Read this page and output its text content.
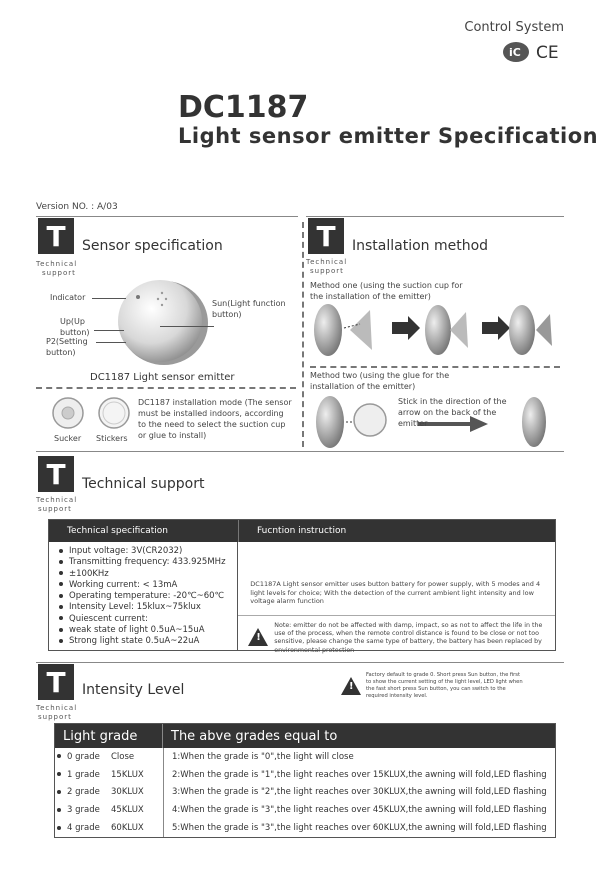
Control System
iC CE
DC1187
Light sensor emitter Specification
Version NO. : A/03
T
Technical
support
Sensor specification
Indicator
Sun(Light function button)
Up(Up button)
P2(Setting button)
DC1187 Light sensor emitter
Sucker Stickers
DC1187 installation mode (The sensor must be installed indoors, according to the need to select the suction cup or glue to install)
T
Technical
support
Installation method
Method one (using the suction cup for the installation of the emitter)
Method two (using the glue for the installation of the emitter)
Stick in the direction of the arrow on the back of the emitter
T
Technical
support
Technical support
Technical specification	Fucntion instruction
Input voltage: 3V(CR2032)
Transmitting frequency: 433.925MHz
±100KHz
Working current: < 13mA
Operating temperature: -20℃~60℃
Intensity Level: 15klux~75klux
Quiescent current:
weak state of light 0.5uA~15uA
Strong light state 0.5uA~22uA
DC1187A Light sensor emitter uses button battery for power supply, with 5 modes and 4 light levels for choice; With the detection of the current ambient light intensity and low voltage alarm function
!
Note: emitter do not be affected with damp, impact, so as not to affect the life in the use of the process, when the remote control distance is found to be close or not too sensitive, please change the same type of battery, the battery has been replaced by environmental protection
T
Technical
support
Intensity Level	!
Factory default to grade 0. Short press Sun button, the first to show the current setting of the light level, LED light when the fast short press Sun button, you can switch to the required intensity level.
Light grade	The abve grades equal to
0 grade	Close	1:When the grade is "0",the light will close
1 grade	15KLUX	2:When the grade is "1",the light reaches over 15KLUX,the awning will fold,LED flashing
2 grade	30KLUX	3:When the grade is "2",the light reaches over 30KLUX,the awning will fold,LED flashing
3 grade	45KLUX	4:When the grade is "3",the light reaches over 45KLUX,the awning will fold,LED flashing
4 grade	60KLUX	5:When the grade is "3",the light reaches over 60KLUX,the awning will fold,LED flashing
